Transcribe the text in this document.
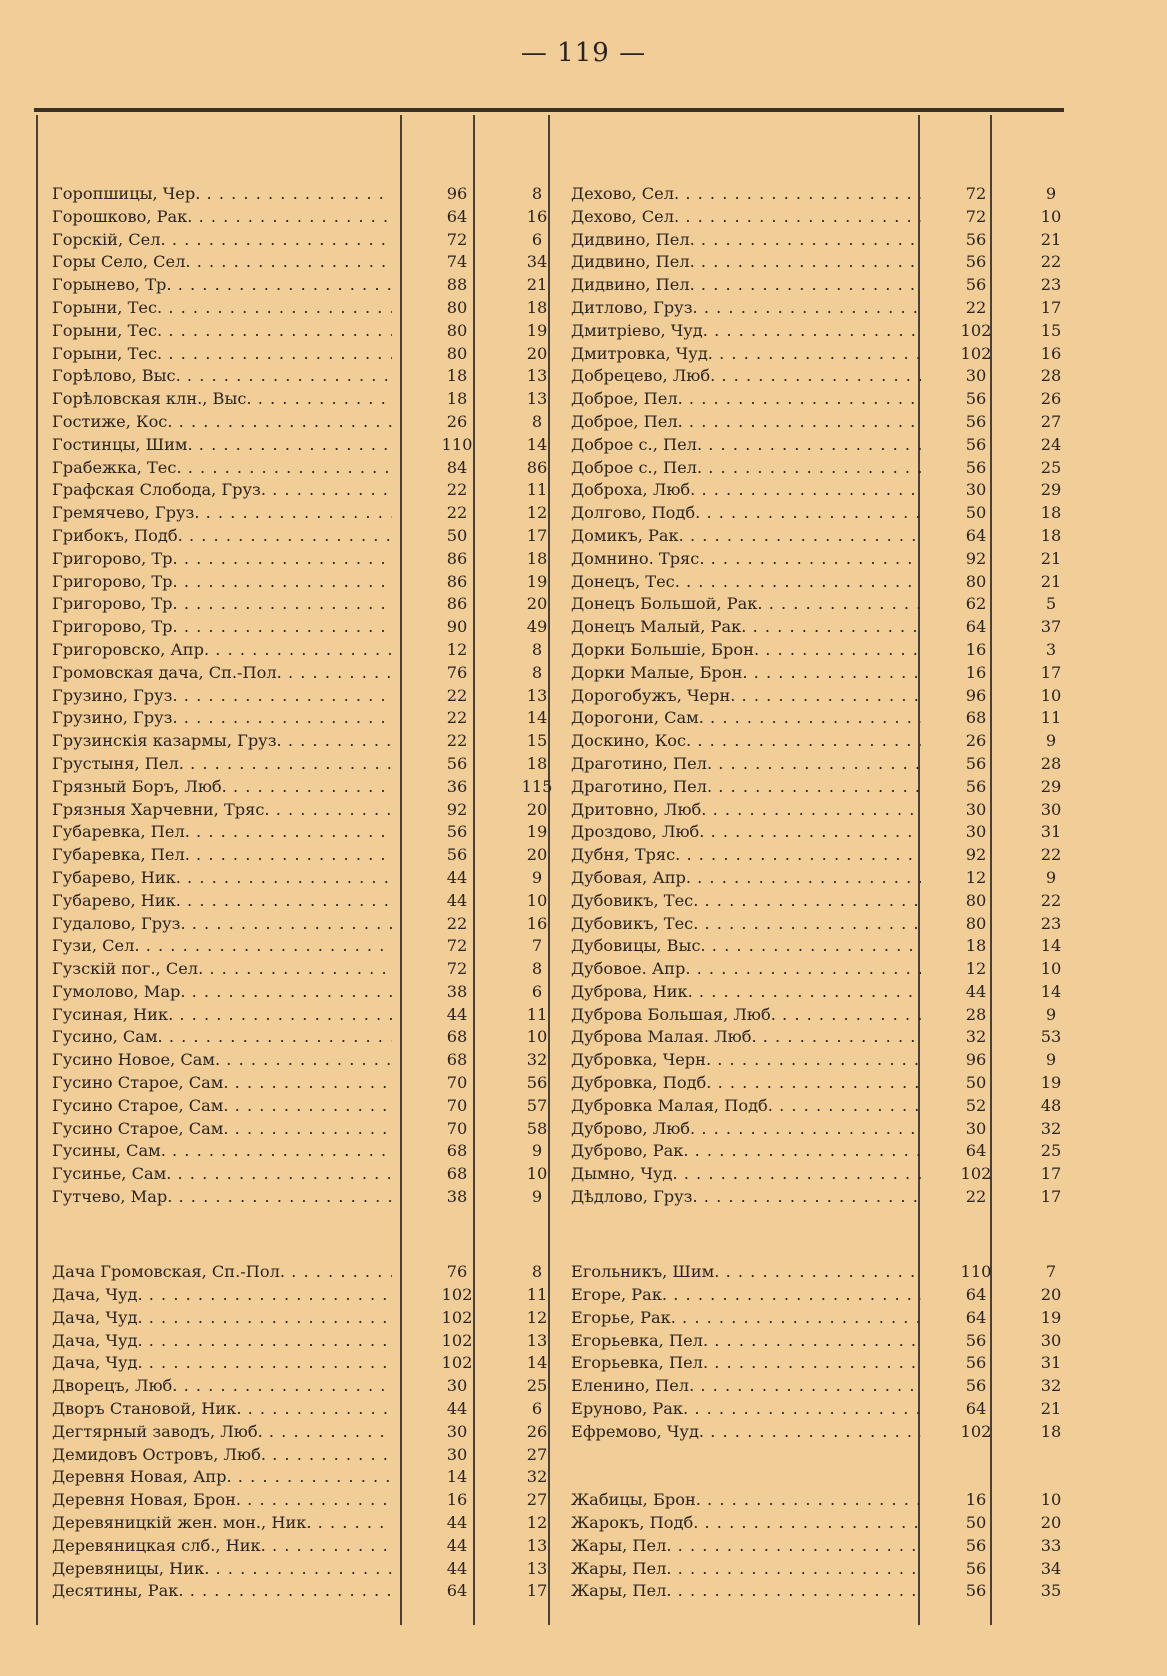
— 119 —
Горопшицы, Чер. . . .	96	8
Горошково, Рак. . . .	64	16
Горскій, Сел. . . .	72	6
Горы Село, Сел. . . .	74	34
Горынево, Тр. . . .	88	21
Горыни, Тес. . . .	80	18
Горыни, Тес. . . .	80	19
Горыни, Тес. . . .	80	20
Горѣлово, Выс. . . .	18	13
Горѣловская клн., Выс. . . .	18	13
Гостиже, Кос. . . .	26	8
Гостинцы, Шим. . . .	110	14
Грабежка, Тес. . . .	84	86
Графская Слобода, Груз. . . .	22	11
Гремячево, Груз. . . .	22	12
Грибокъ, Подб. . . .	50	17
Григорово, Тр. . . .	86	18
Григорово, Тр. . . .	86	19
Григорово, Тр. . . .	86	20
Григорово, Тр. . . .	90	49
Григоровско, Апр. . . .	12	8
Громовская дача, Сп.-Пол. . . .	76	8
Грузино, Груз. . . .	22	13
Грузино, Груз. . . .	22	14
Грузинскія казармы, Груз. . . .	22	15
Грустыня, Пел. . . .	56	18
Грязный Боръ, Люб. . . .	36	115
Грязныя Харчевни, Тряс. . . .	92	20
Губаревка, Пел. . . .	56	19
Губаревка, Пел. . . .	56	20
Губарево, Ник. . . .	44	9
Губарево, Ник. . . .	44	10
Гудалово, Груз. . . .	22	16
Гузи, Сел. . . .	72	7
Гузскій пог., Сел. . . .	72	8
Гумолово, Мар. . . .	38	6
Гусиная, Ник. . . .	44	11
Гусино, Сам. . . .	68	10
Гусино Новое, Сам. . . .	68	32
Гусино Старое, Сам. . . .	70	56
Гусино Старое, Сам. . . .	70	57
Гусино Старое, Сам. . . .	70	58
Гусины, Сам. . . .	68	9
Гусинье, Сам. . . .	68	10
Гутчево, Мар. . . .	38	9
Дача Громовская, Сп.-Пол. . . .	76	8
Дача, Чуд. . . .	102	11
Дача, Чуд. . . .	102	12
Дача, Чуд. . . .	102	13
Дача, Чуд. . . .	102	14
Дворецъ, Люб. . . .	30	25
Дворъ Становой, Ник. . . .	44	6
Дегтярный заводъ, Люб. . . .	30	26
Демидовъ Островъ, Люб. . . .	30	27
Деревня Новая, Апр. . . .	14	32
Деревня Новая, Брон. . . .	16	27
Деревяницкій жен. мон., Ник. . . .	44	12
Деревяницкая слб., Ник. . . .	44	13
Деревяницы, Ник. . . .	44	13
Десятины, Рак. . . .	64	17
Дехово, Сел. . . .	72	9
Дехово, Сел. . . .	72	10
Дидвино, Пел. . . .	56	21
Дидвино, Пел. . . .	56	22
Дидвино, Пел. . . .	56	23
Дитлово, Груз. . . .	22	17
Дмитріево, Чуд. . . .	102	15
Дмитровка, Чуд. . . .	102	16
Добрецево, Люб. . . .	30	28
Доброе, Пел. . . .	56	26
Доброе, Пел. . . .	56	27
Доброе с., Пел. . . .	56	24
Доброе с., Пел. . . .	56	25
Доброха, Люб. . . .	30	29
Долгово, Подб. . . .	50	18
Домикъ, Рак. . . .	64	18
Домнино. Тряс. . . .	92	21
Донецъ, Тес. . . .	80	21
Донецъ Большой, Рак. . . .	62	5
Донецъ Малый, Рак. . . .	64	37
Дорки Большіе, Брон. . . .	16	3
Дорки Малые, Брон. . . .	16	17
Дорогобужъ, Черн. . . .	96	10
Дорогони, Сам. . . .	68	11
Доскино, Кос. . . .	26	9
Драготино, Пел. . . .	56	28
Драготино, Пел. . . .	56	29
Дритовно, Люб. . . .	30	30
Дроздово, Люб. . . .	30	31
Дубня, Тряс. . . .	92	22
Дубовая, Апр. . . .	12	9
Дубовикъ, Тес. . . .	80	22
Дубовикъ, Тес. . . .	80	23
Дубовицы, Выс. . . .	18	14
Дубовое. Апр. . . .	12	10
Дуброва, Ник. . . .	44	14
Дуброва Большая, Люб. . . .	28	9
Дуброва Малая. Люб. . . .	32	53
Дубровка, Черн. . . .	96	9
Дубровка, Подб. . . .	50	19
Дубровка Малая, Подб. . . .	52	48
Дуброво, Люб. . . .	30	32
Дуброво, Рак. . . .	64	25
Дымно, Чуд. . . .	102	17
Дѣдлово, Груз. . . .	22	17
Егольникъ, Шим. . . .	110	7
Егоре, Рак. . . .	64	20
Егорье, Рак. . . .	64	19
Егорьевка, Пел. . . .	56	30
Егорьевка, Пел. . . .	56	31
Еленино, Пел. . . .	56	32
Еруново, Рак. . . .	64	21
Ефремово, Чуд. . . .	102	18
Жабицы, Брон. . . .	16	10
Жарокъ, Подб. . . .	50	20
Жары, Пел. . . .	56	33
Жары, Пел. . . .	56	34
Жары, Пел. . . .	56	35
